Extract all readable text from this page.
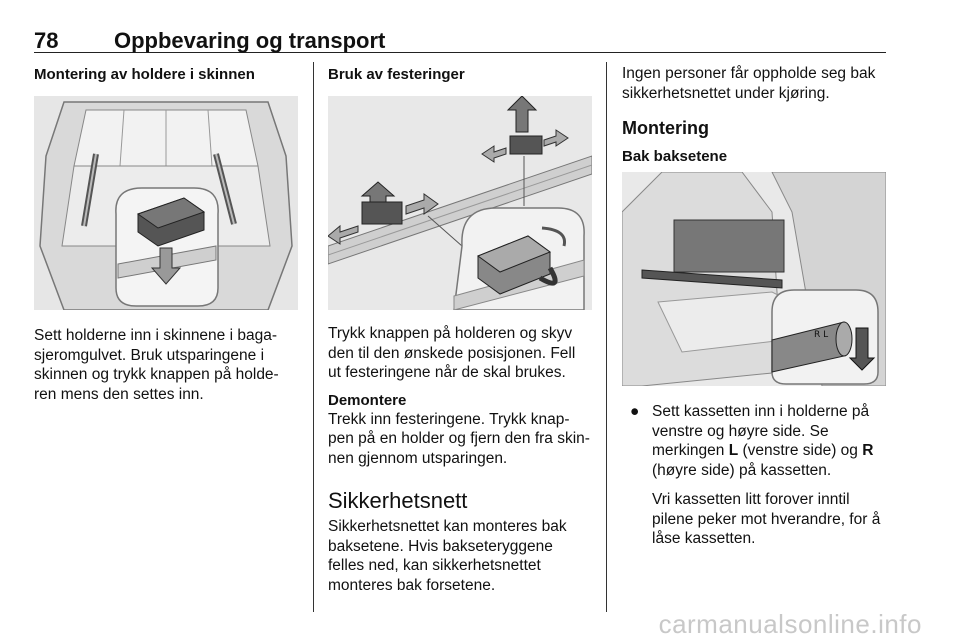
78	Oppbevaring og transport

Montering av holdere i skinnen

Sett holderne inn i skinnene i baga-sjeromgulvet. Bruk utsparingene i skinnen og trykk knappen på holde-ren mens den settes inn.

Bruk av festeringer

Trykk knappen på holderen og skyv den til den ønskede posisjonen. Fell ut festeringene når de skal brukes.

Demontere

Trekk inn festeringene. Trykk knap-pen på en holder og fjern den fra skin-nen gjennom utsparingen.

Sikkerhetsnett

Sikkerhetsnettet kan monteres bak baksetene. Hvis bakseteryggene felles ned, kan sikkerhetsnettet monteres bak forsetene.

Ingen personer får oppholde seg bak sikkerhetsnettet under kjøring.

Montering

Bak baksetene

R L
● Sett kassetten inn i holderne på venstre og høyre side. Se merkingen L (venstre side) og R (høyre side) på kassetten.

Vri kassetten litt forover inntil pilene peker mot hverandre, for å låse kassetten.

carmanualsonline.info
